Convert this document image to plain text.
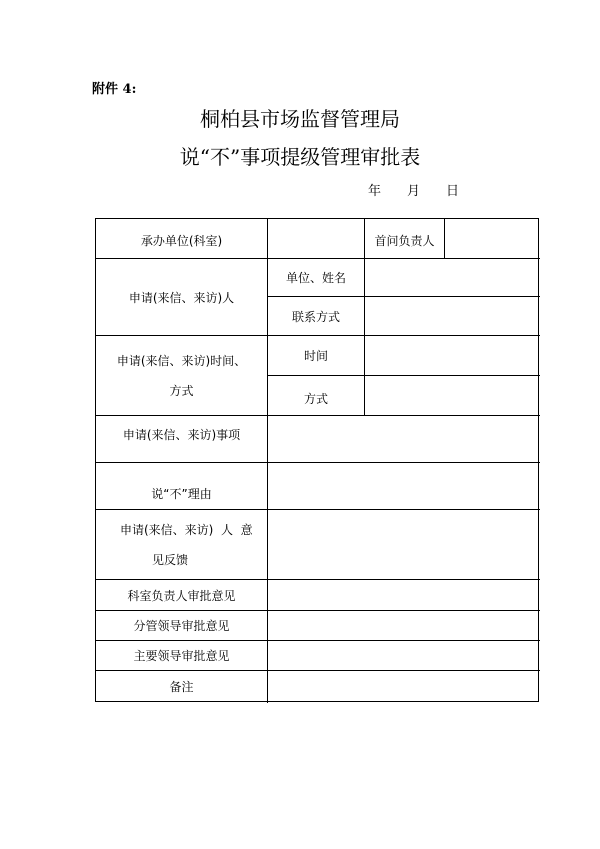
附件 4:
桐柏县市场监督管理局
说“不”事项提级管理审批表
年 月 日
承办单位(科室)	首问负责人
申请(来信、来访)人
单位、姓名
联系方式
申请(来信、来访)时间、
方式
时间
方式
申请(来信、来访)事项
说“不”理由
申请(来信、来访)  人  意
见反馈
科室负责人审批意见
分管领导审批意见
主要领导审批意见
备注
